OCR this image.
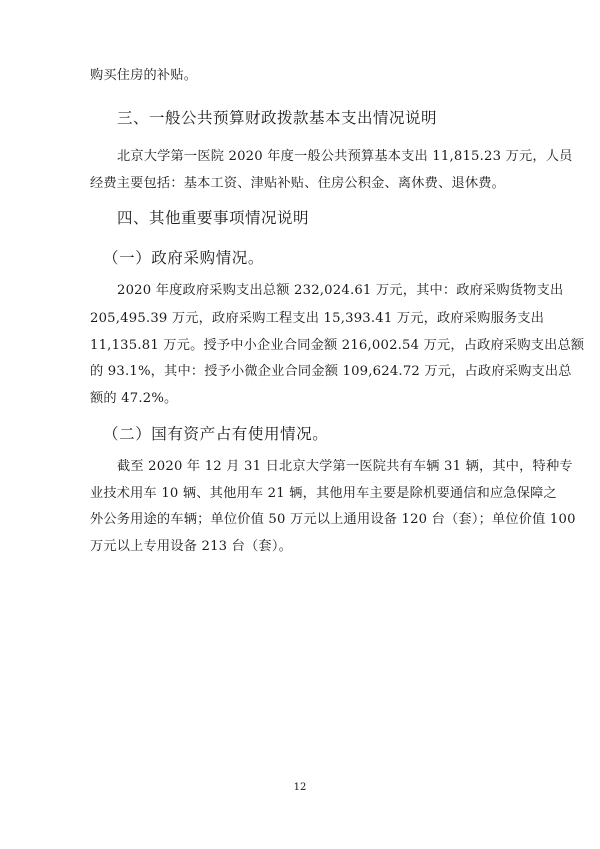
购买住房的补贴。
三、一般公共预算财政拨款基本支出情况说明
北京大学第一医院 2020 年度一般公共预算基本支出 11,815.23 万元，人员
经费主要包括：基本工资、津贴补贴、住房公积金、离休费、退休费。
四、其他重要事项情况说明
（一）政府采购情况。
2020 年度政府采购支出总额 232,024.61 万元，其中：政府采购货物支出
205,495.39 万元，政府采购工程支出 15,393.41 万元，政府采购服务支出
11,135.81 万元。授予中小企业合同金额 216,002.54 万元，占政府采购支出总额
的 93.1%，其中：授予小微企业合同金额 109,624.72 万元，占政府采购支出总
额的 47.2%。
（二）国有资产占有使用情况。
截至 2020 年 12 月 31 日北京大学第一医院共有车辆 31 辆，其中，特种专
业技术用车 10 辆、其他用车 21 辆，其他用车主要是除机要通信和应急保障之
外公务用途的车辆；单位价值 50 万元以上通用设备 120 台（套）；单位价值 100
万元以上专用设备 213 台（套）。
12
